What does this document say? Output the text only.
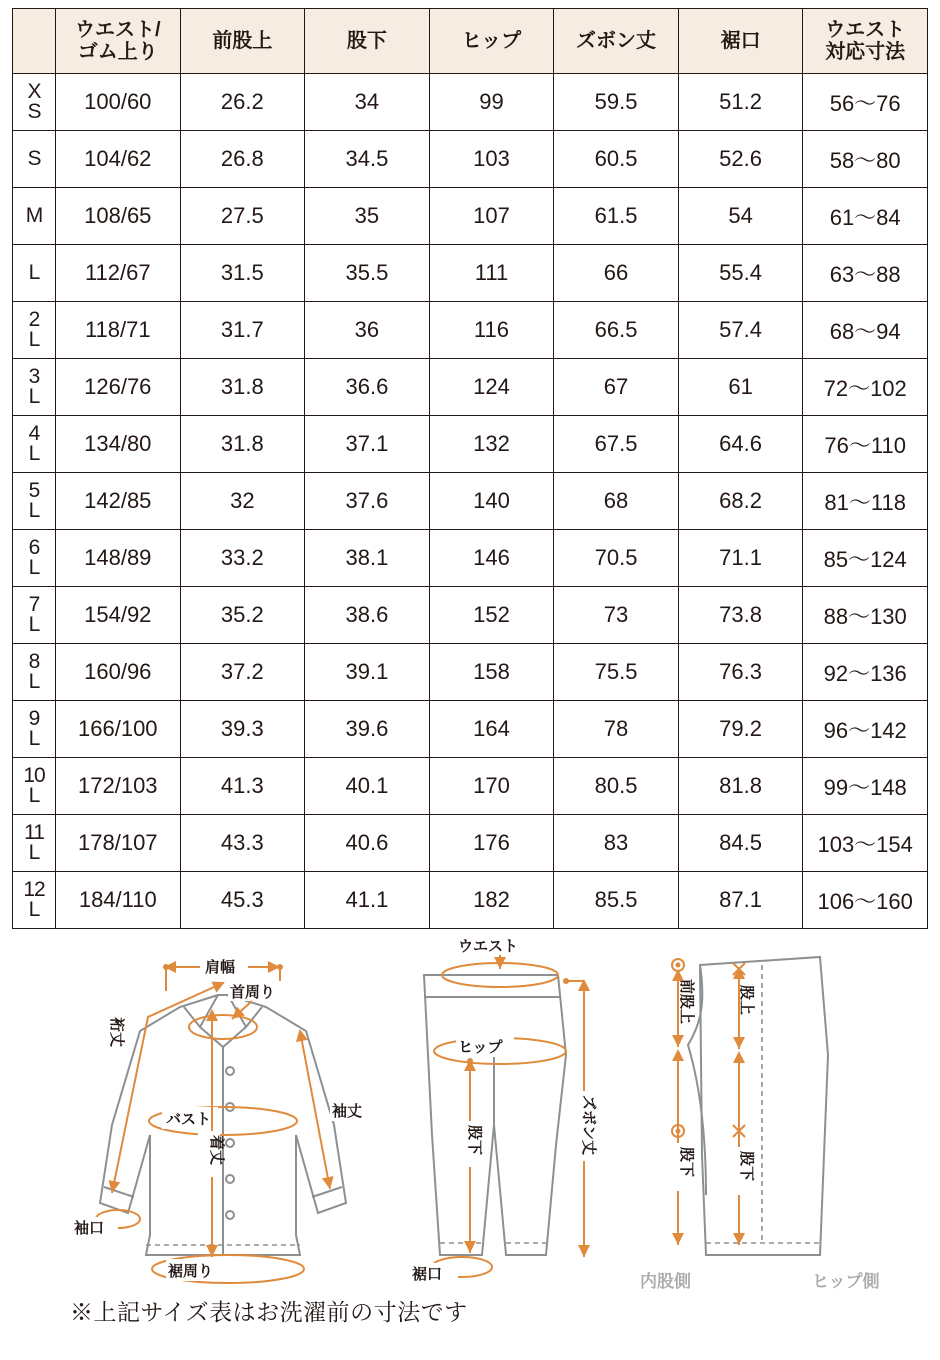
	ウエスト/
ゴム上り	前股上	股下	ヒップ	ズボン丈	裾口	ウエスト
対応寸法

X
S	100/60	26.2	34	99	59.5	51.2	56〜76

S	104/62	26.8	34.5	103	60.5	52.6	58〜80

M	108/65	27.5	35	107	61.5	54	61〜84

L	112/67	31.5	35.5	111	66	55.4	63〜88

2
L	118/71	31.7	36	116	66.5	57.4	68〜94

3
L	126/76	31.8	36.6	124	67	61	72〜102

4
L	134/80	31.8	37.1	132	67.5	64.6	76〜110

5
L	142/85	32	37.6	140	68	68.2	81〜118

6
L	148/89	33.2	38.1	146	70.5	71.1	85〜124

7
L	154/92	35.2	38.6	152	73	73.8	88〜130

8
L	160/96	37.2	39.1	158	75.5	76.3	92〜136

9
L	166/100	39.3	39.6	164	78	79.2	96〜142

10
L	172/103	41.3	40.1	170	80.5	81.8	99〜148

11
L	178/107	43.3	40.6	176	83	84.5	103〜154

12
L	184/110	45.3	41.1	182	85.5	87.1	106〜160
肩幅
首周り
裄丈
バスト	袖丈
着丈
袖口
裾周り
ウエスト
ヒップ
股下	ズボン丈
裾口
前股上	股上
股下	股下
内股側	ヒップ側
※上記サイズ表はお洗濯前の寸法です
